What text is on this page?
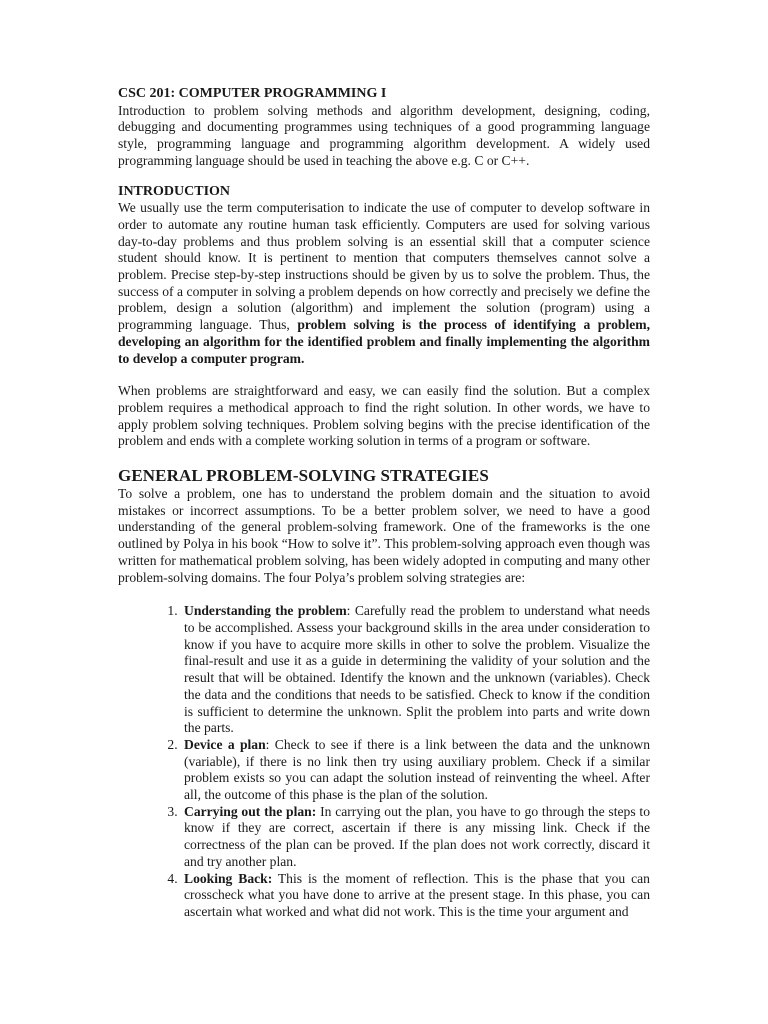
CSC 201: COMPUTER PROGRAMMING I

Introduction to problem solving methods and algorithm development, designing, coding, debugging and documenting programmes using techniques of a good programming language style, programming language and programming algorithm development. A widely used programming language should be used in teaching the above e.g. C or C++.

INTRODUCTION

We usually use the term computerisation to indicate the use of computer to develop software in order to automate any routine human task efficiently. Computers are used for solving various day-to-day problems and thus problem solving is an essential skill that a computer science student should know. It is pertinent to mention that computers themselves cannot solve a problem. Precise step-by-step instructions should be given by us to solve the problem. Thus, the success of a computer in solving a problem depends on how correctly and precisely we define the problem, design a solution (algorithm) and implement the solution (program) using a programming language. Thus, problem solving is the process of identifying a problem, developing an algorithm for the identified problem and finally implementing the algorithm to develop a computer program.

When problems are straightforward and easy, we can easily find the solution. But a complex problem requires a methodical approach to find the right solution. In other words, we have to apply problem solving techniques. Problem solving begins with the precise identification of the problem and ends with a complete working solution in terms of a program or software.

GENERAL PROBLEM-SOLVING STRATEGIES

To solve a problem, one has to understand the problem domain and the situation to avoid mistakes or incorrect assumptions. To be a better problem solver, we need to have a good understanding of the general problem-solving framework. One of the frameworks is the one outlined by Polya in his book “How to solve it”. This problem-solving approach even though was written for mathematical problem solving, has been widely adopted in computing and many other problem-solving domains. The four Polya’s problem solving strategies are:

1. Understanding the problem: Carefully read the problem to understand what needs to be accomplished. Assess your background skills in the area under consideration to know if you have to acquire more skills in other to solve the problem. Visualize the final-result and use it as a guide in determining the validity of your solution and the result that will be obtained. Identify the known and the unknown (variables). Check the data and the conditions that needs to be satisfied. Check to know if the condition is sufficient to determine the unknown. Split the problem into parts and write down the parts.
2. Device a plan: Check to see if there is a link between the data and the unknown (variable), if there is no link then try using auxiliary problem. Check if a similar problem exists so you can adapt the solution instead of reinventing the wheel. After all, the outcome of this phase is the plan of the solution.
3. Carrying out the plan: In carrying out the plan, you have to go through the steps to know if they are correct, ascertain if there is any missing link. Check if the correctness of the plan can be proved. If the plan does not work correctly, discard it and try another plan.
4. Looking Back: This is the moment of reflection. This is the phase that you can crosscheck what you have done to arrive at the present stage. In this phase, you can ascertain what worked and what did not work. This is the time your argument and
